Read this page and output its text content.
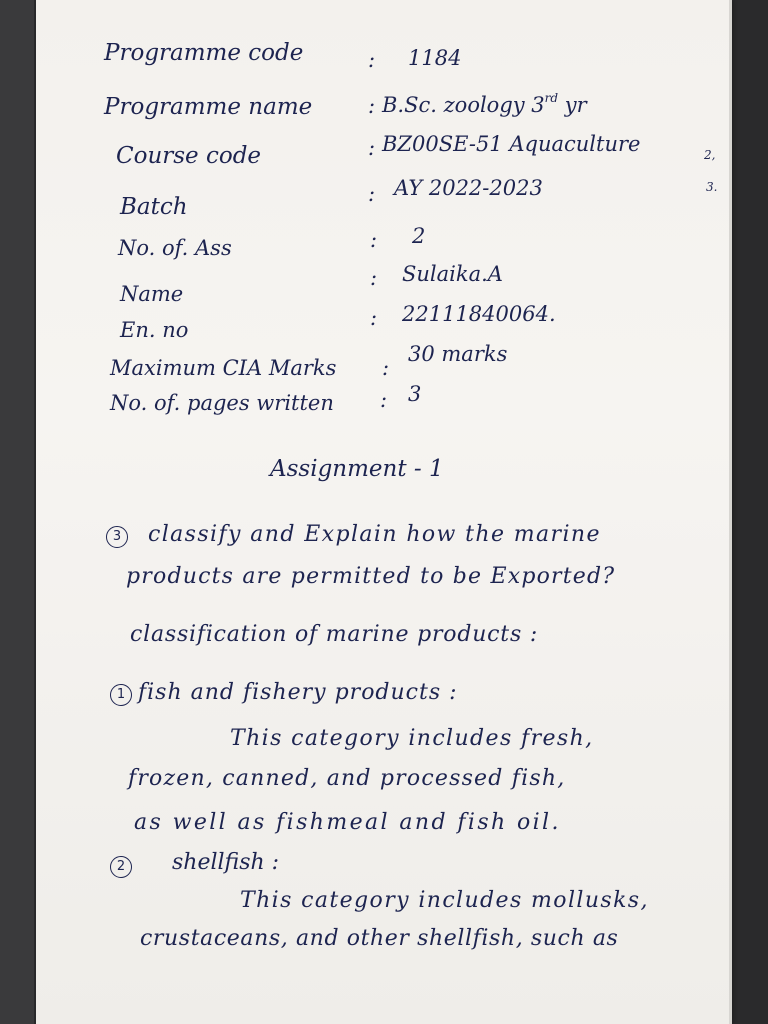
Programme code
Programme name
Course code
Batch
No. of. Ass
Name
En. no
Maximum CIA Marks
No. of. pages written
:
:
:
:
:
:
:
:
:
1184
B.Sc. zoology 3rd yr
BZ00SE-51 Aquaculture
AY 2022-2023
2
Sulaika.A
22111840064.
30 marks
3
2,
3.
Assignment - 1
3	classify and Explain how the marine
products are permitted to be Exported?
classification of marine products :
1 fish and fishery products :
This category includes fresh,
frozen, canned, and processed fish,
as well as fishmeal and fish oil.
2	shellfish :
This category includes mollusks,
crustaceans, and other shellfish, such as
